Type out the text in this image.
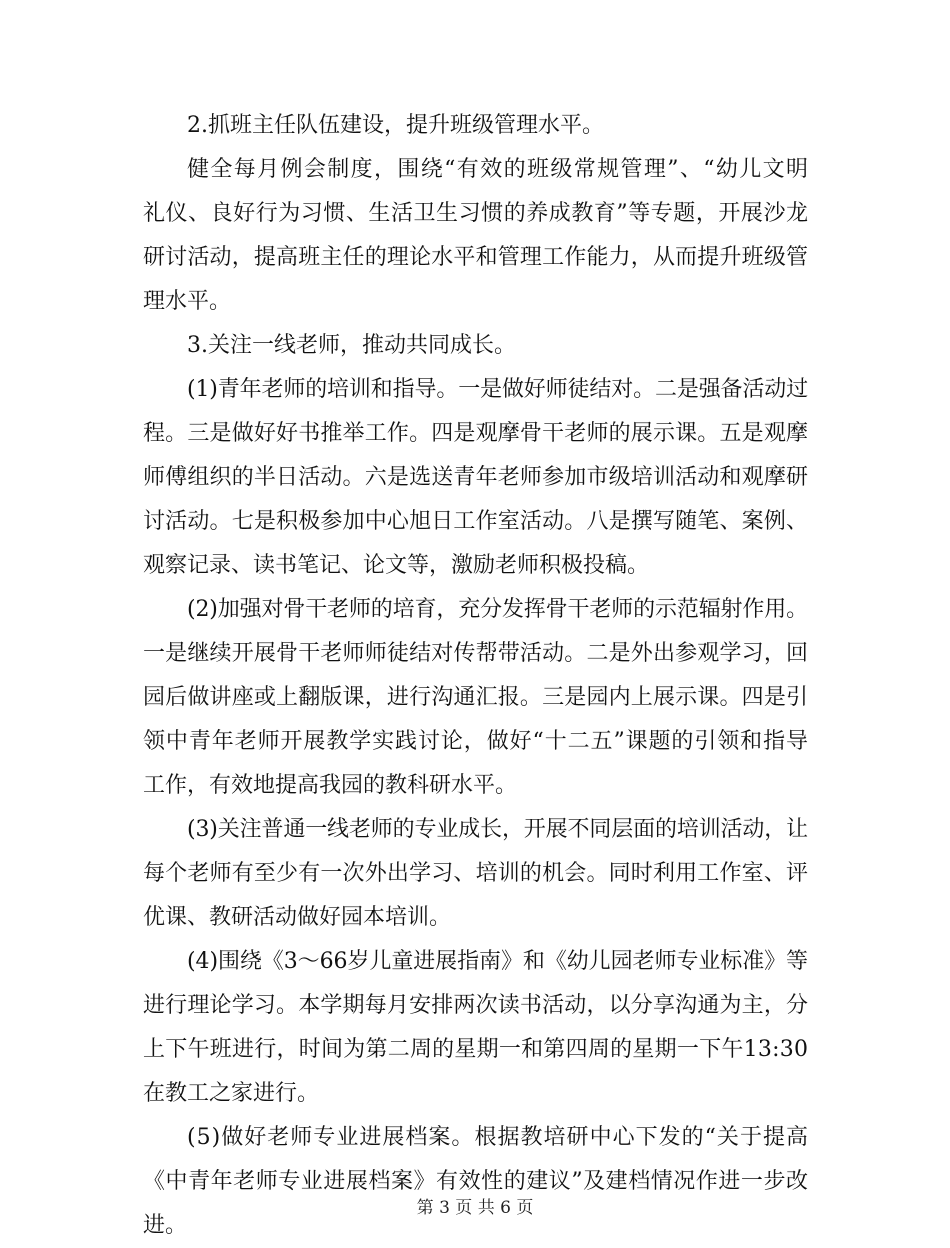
2.抓班主任队伍建设，提升班级管理水平。
健全每月例会制度，围绕“有效的班级常规管理”、“幼儿文明
礼仪、良好行为习惯、生活卫生习惯的养成教育”等专题，开展沙龙
研讨活动，提高班主任的理论水平和管理工作能力，从而提升班级管
理水平。
3.关注一线老师，推动共同成长。
(1)青年老师的培训和指导。一是做好师徒结对。二是强备活动过
程。三是做好好书推举工作。四是观摩骨干老师的展示课。五是观摩
师傅组织的半日活动。六是选送青年老师参加市级培训活动和观摩研
讨活动。七是积极参加中心旭日工作室活动。八是撰写随笔、案例、
观察记录、读书笔记、论文等，激励老师积极投稿。
(2)加强对骨干老师的培育，充分发挥骨干老师的示范辐射作用。
一是继续开展骨干老师师徒结对传帮带活动。二是外出参观学习，回
园后做讲座或上翻版课，进行沟通汇报。三是园内上展示课。四是引
领中青年老师开展教学实践讨论，做好“十二五”课题的引领和指导
工作，有效地提高我园的教科研水平。
(3)关注普通一线老师的专业成长，开展不同层面的培训活动，让
每个老师有至少有一次外出学习、培训的机会。同时利用工作室、评
优课、教研活动做好园本培训。
(4)围绕《3～66岁儿童进展指南》和《幼儿园老师专业标准》等
进行理论学习。本学期每月安排两次读书活动，以分享沟通为主，分
上下午班进行，时间为第二周的星期一和第四周的星期一下午13:30
在教工之家进行。
(5)做好老师专业进展档案。根据教培研中心下发的“关于提高
《中青年老师专业进展档案》有效性的建议”及建档情况作进一步改
进。
第 3 页 共 6 页
